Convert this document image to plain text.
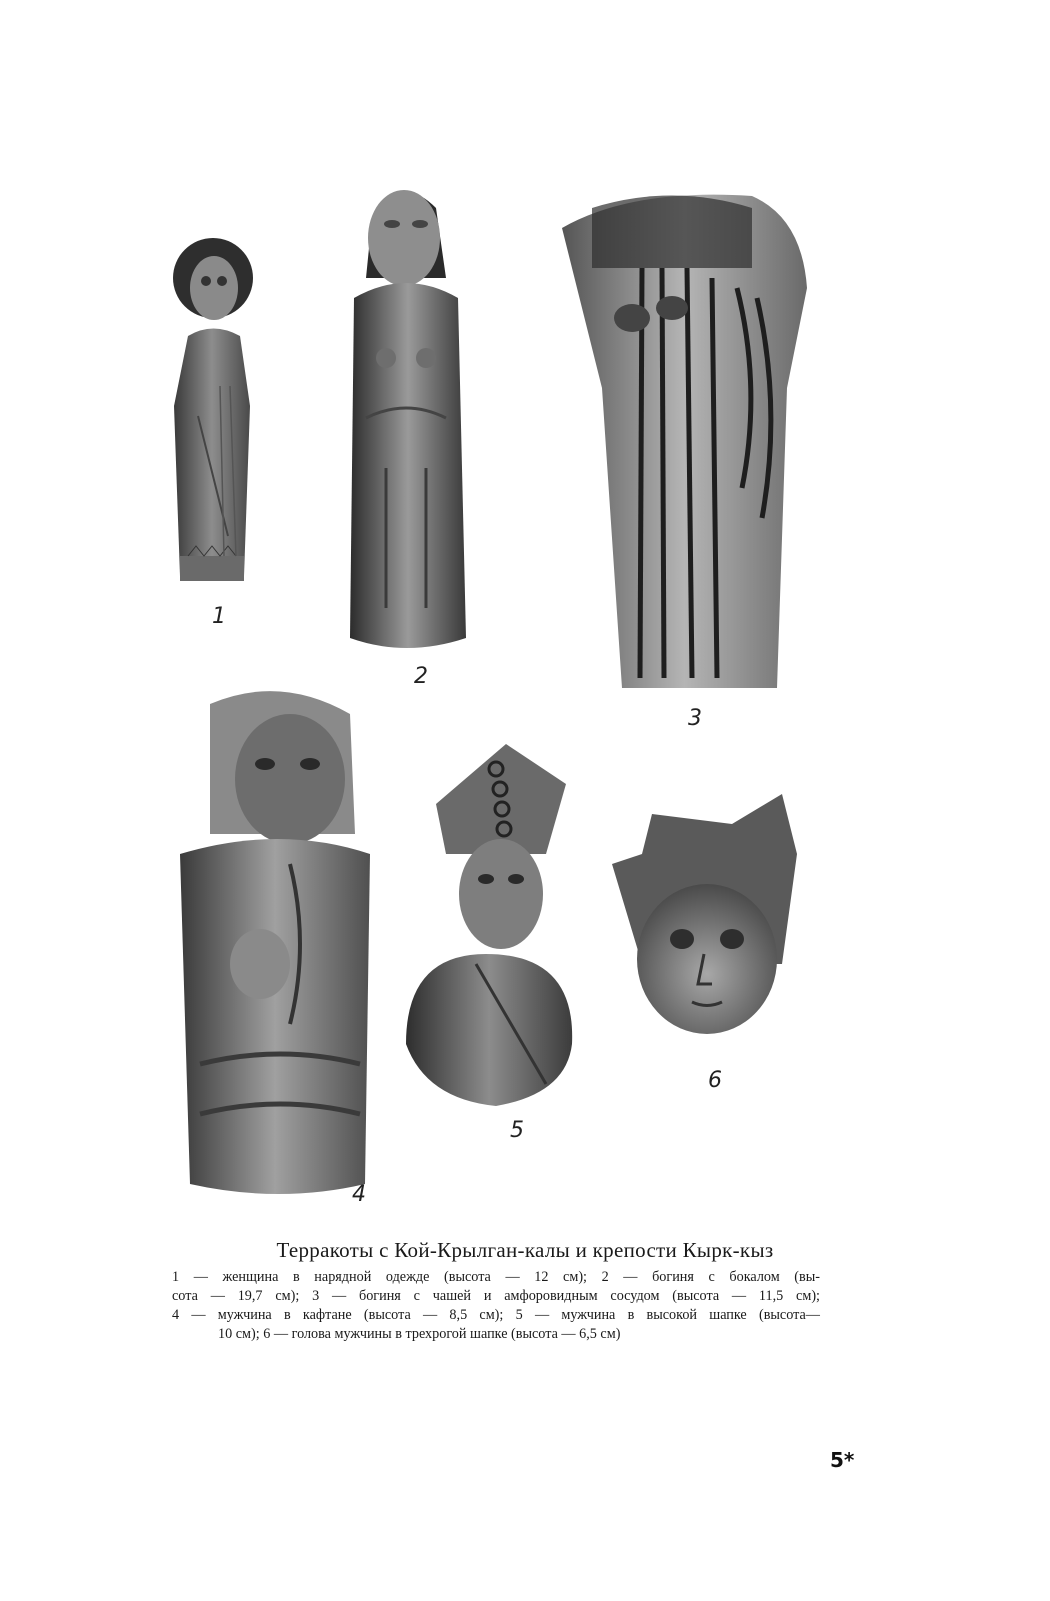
1
2
3
4
5
6
Терракоты с Кой-Крылган-калы и крепости Кырк-кыз
1 — женщина в нарядной одежде (высота — 12 см); 2 — богиня с бокалом (вы-
сота — 19,7 см); 3 — богиня с чашей и амфоровидным сосудом (высота — 11,5 см);
4 — мужчина в кафтане (высота — 8,5 см); 5 — мужчина в высокой шапке (высота—
10 см); 6 — голова мужчины в трехрогой шапке (высота — 6,5 см)
5*
